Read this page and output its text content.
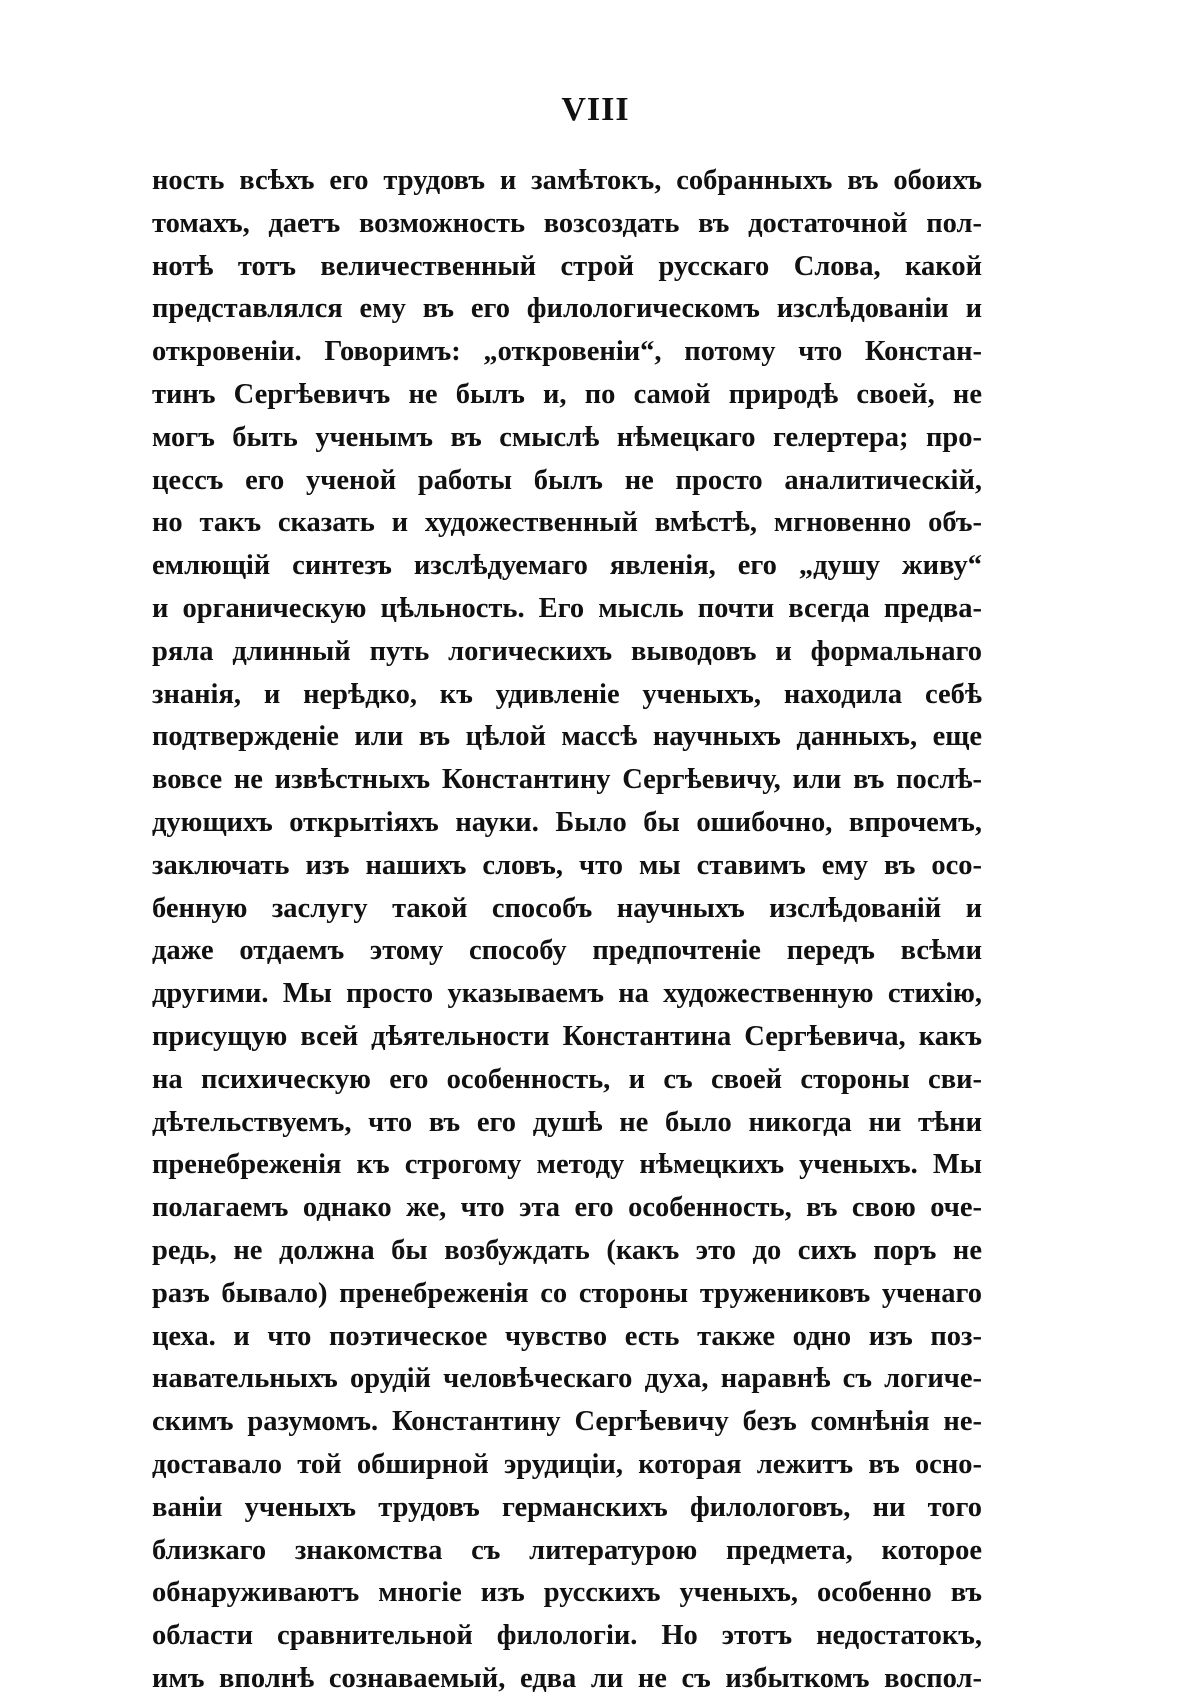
VIII
ность всѣхъ его трудовъ и замѣтокъ, собранныхъ въ обоихъ
томахъ, даетъ возможность возсоздать въ достаточной пол-
нотѣ тотъ величественный строй русскаго Слова, какой
представлялся ему въ его филологическомъ изслѣдованіи и
откровеніи. Говоримъ: „откровеніи“, потому что Констан-
тинъ Сергѣевичъ не былъ и, по самой природѣ своей, не
могъ быть ученымъ въ смыслѣ нѣмецкаго гелертера; про-
цессъ его ученой работы былъ не просто аналитическій,
но такъ сказать и художественный вмѣстѣ, мгновенно объ-
емлющій синтезъ изслѣдуемаго явленія, его „душу живу“
и органическую цѣльность. Его мысль почти всегда предва-
ряла длинный путь логическихъ выводовъ и формальнаго
знанія, и нерѣдко, къ удивленіе ученыхъ, находила себѣ
подтвержденіе или въ цѣлой массѣ научныхъ данныхъ, еще
вовсе не извѣстныхъ Константину Сергѣевичу, или въ послѣ-
дующихъ открытіяхъ науки. Было бы ошибочно, впрочемъ,
заключать изъ нашихъ словъ, что мы ставимъ ему въ осо-
бенную заслугу такой способъ научныхъ изслѣдованій и
даже отдаемъ этому способу предпочтеніе передъ всѣми
другими. Мы просто указываемъ на художественную стихію,
присущую всей дѣятельности Константина Сергѣевича, какъ
на психическую его особенность, и съ своей стороны сви-
дѣтельствуемъ, что въ его душѣ не было никогда ни тѣни
пренебреженія къ строгому методу нѣмецкихъ ученыхъ. Мы
полагаемъ однако же, что эта его особенность, въ свою оче-
редь, не должна бы возбуждать (какъ это до сихъ поръ не
разъ бывало) пренебреженія со стороны тружениковъ ученаго
цеха. и что поэтическое чувство есть также одно изъ поз-
навательныхъ орудій человѣческаго духа, наравнѣ съ логиче-
скимъ разумомъ. Константину Сергѣевичу безъ сомнѣнія не-
доставало той обширной эрудиціи, которая лежитъ въ осно-
ваніи ученыхъ трудовъ германскихъ филологовъ, ни того
близкаго знакомства съ литературою предмета, которое
обнаруживаютъ многіе изъ русскихъ ученыхъ, особенно въ
области сравнительной филологіи. Но этотъ недостатокъ,
имъ вполнѣ сознаваемый, едва ли не съ избыткомъ воспол-
